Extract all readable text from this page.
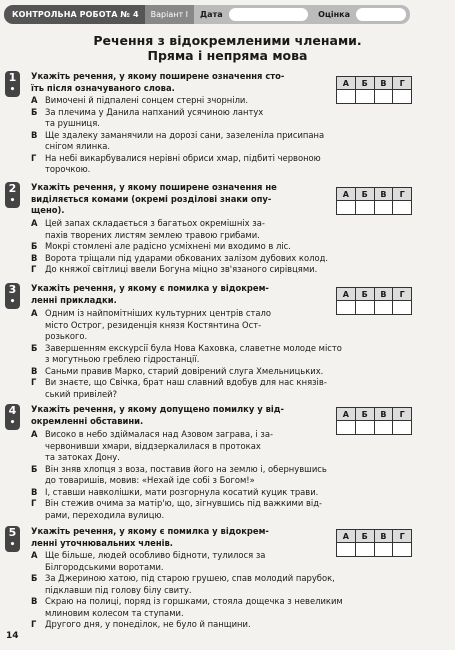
КОНТРОЛЬНА РОБОТА № 4	Варіант І	Дата	Оцінка
Речення з відокремленими членами.
Пряма і непряма мова
1
•
Укажіть речення, у якому поширене означення сто-
їть після означуваного слова.	А	Б	В	Г

А Вимочені й підпалені сонцем стерні зчорніли.
Б За плечима у Данила напханий усячиною лантух
та рушниця.
В Ще здалеку заманячили на дорозі сани, зазеленіла присипана
снігом ялинка.
Г На небі викарбувалися нерівні обриси хмар, підбиті червоною
торочкою.
2
•
Укажіть речення, у якому поширене означення не
виділяється комами (окремі розділові знаки опу-
щено).
А	Б	В	Г

А Цей запах складається з багатьох окремішніх за-
пахів творених листям землею травою грибами.
Б Мокрі стомлені але радісно усміхнені ми входимо в ліс.
В Ворота тріщали під ударами обкованих залізом дубових колод.
Г До княжої світлиці ввели Богуна міцно зв'язаного сирівцями.
3
•
Укажіть речення, у якому є помилка у відокрем-
ленні прикладки.
А	Б	В	Г

А Одним із найпомітніших культурних центрів стало
місто Острог, резиденція князя Костянтина Ост-
розького.
Б Завершенням екскурсії була Нова Каховка, славетне молоде місто
з могутньою греблею гідростанції.
В Саньми правив Марко, старий довірений слуга Хмельницьких.
Г Ви знаєте, що Свічка, брат наш славний вдобув для нас князів-
ський привілей?
4
•
Укажіть речення, у якому допущено помилку у від-
окремленні обставини.
А	Б	В	Г

А Високо в небо здіймалася над Азовом заграва, і за-
червонивши хмари, віддзеркалилася в протоках
та затоках Дону.
Б Він зняв хлопця з воза, поставив його на землю і, обернувшись
до товаришів, мовив: «Нехай іде собі з Богом!»
В І, ставши навколішки, мати розгорнула косатий куцик трави.
Г Він стежив очима за матір'ю, що, зігнувшись під важкими від-
рами, переходила вулицю.
5
•
Укажіть речення, у якому є помилка у відокрем-
ленні уточнювальних членів.
А	Б	В	Г

А Ще більше, людей особливо бідноти, тулилося за
Білгородськими воротами.
Б За Джериною хатою, під старою грушею, спав молодий парубок,
підклавши під голову білу свиту.
В Скраю на полиці, поряд із горшками, стояла дощечка з невеликим
млиновим колесом та ступами.
Г Другого дня, у понеділок, не було й панщини.
14
